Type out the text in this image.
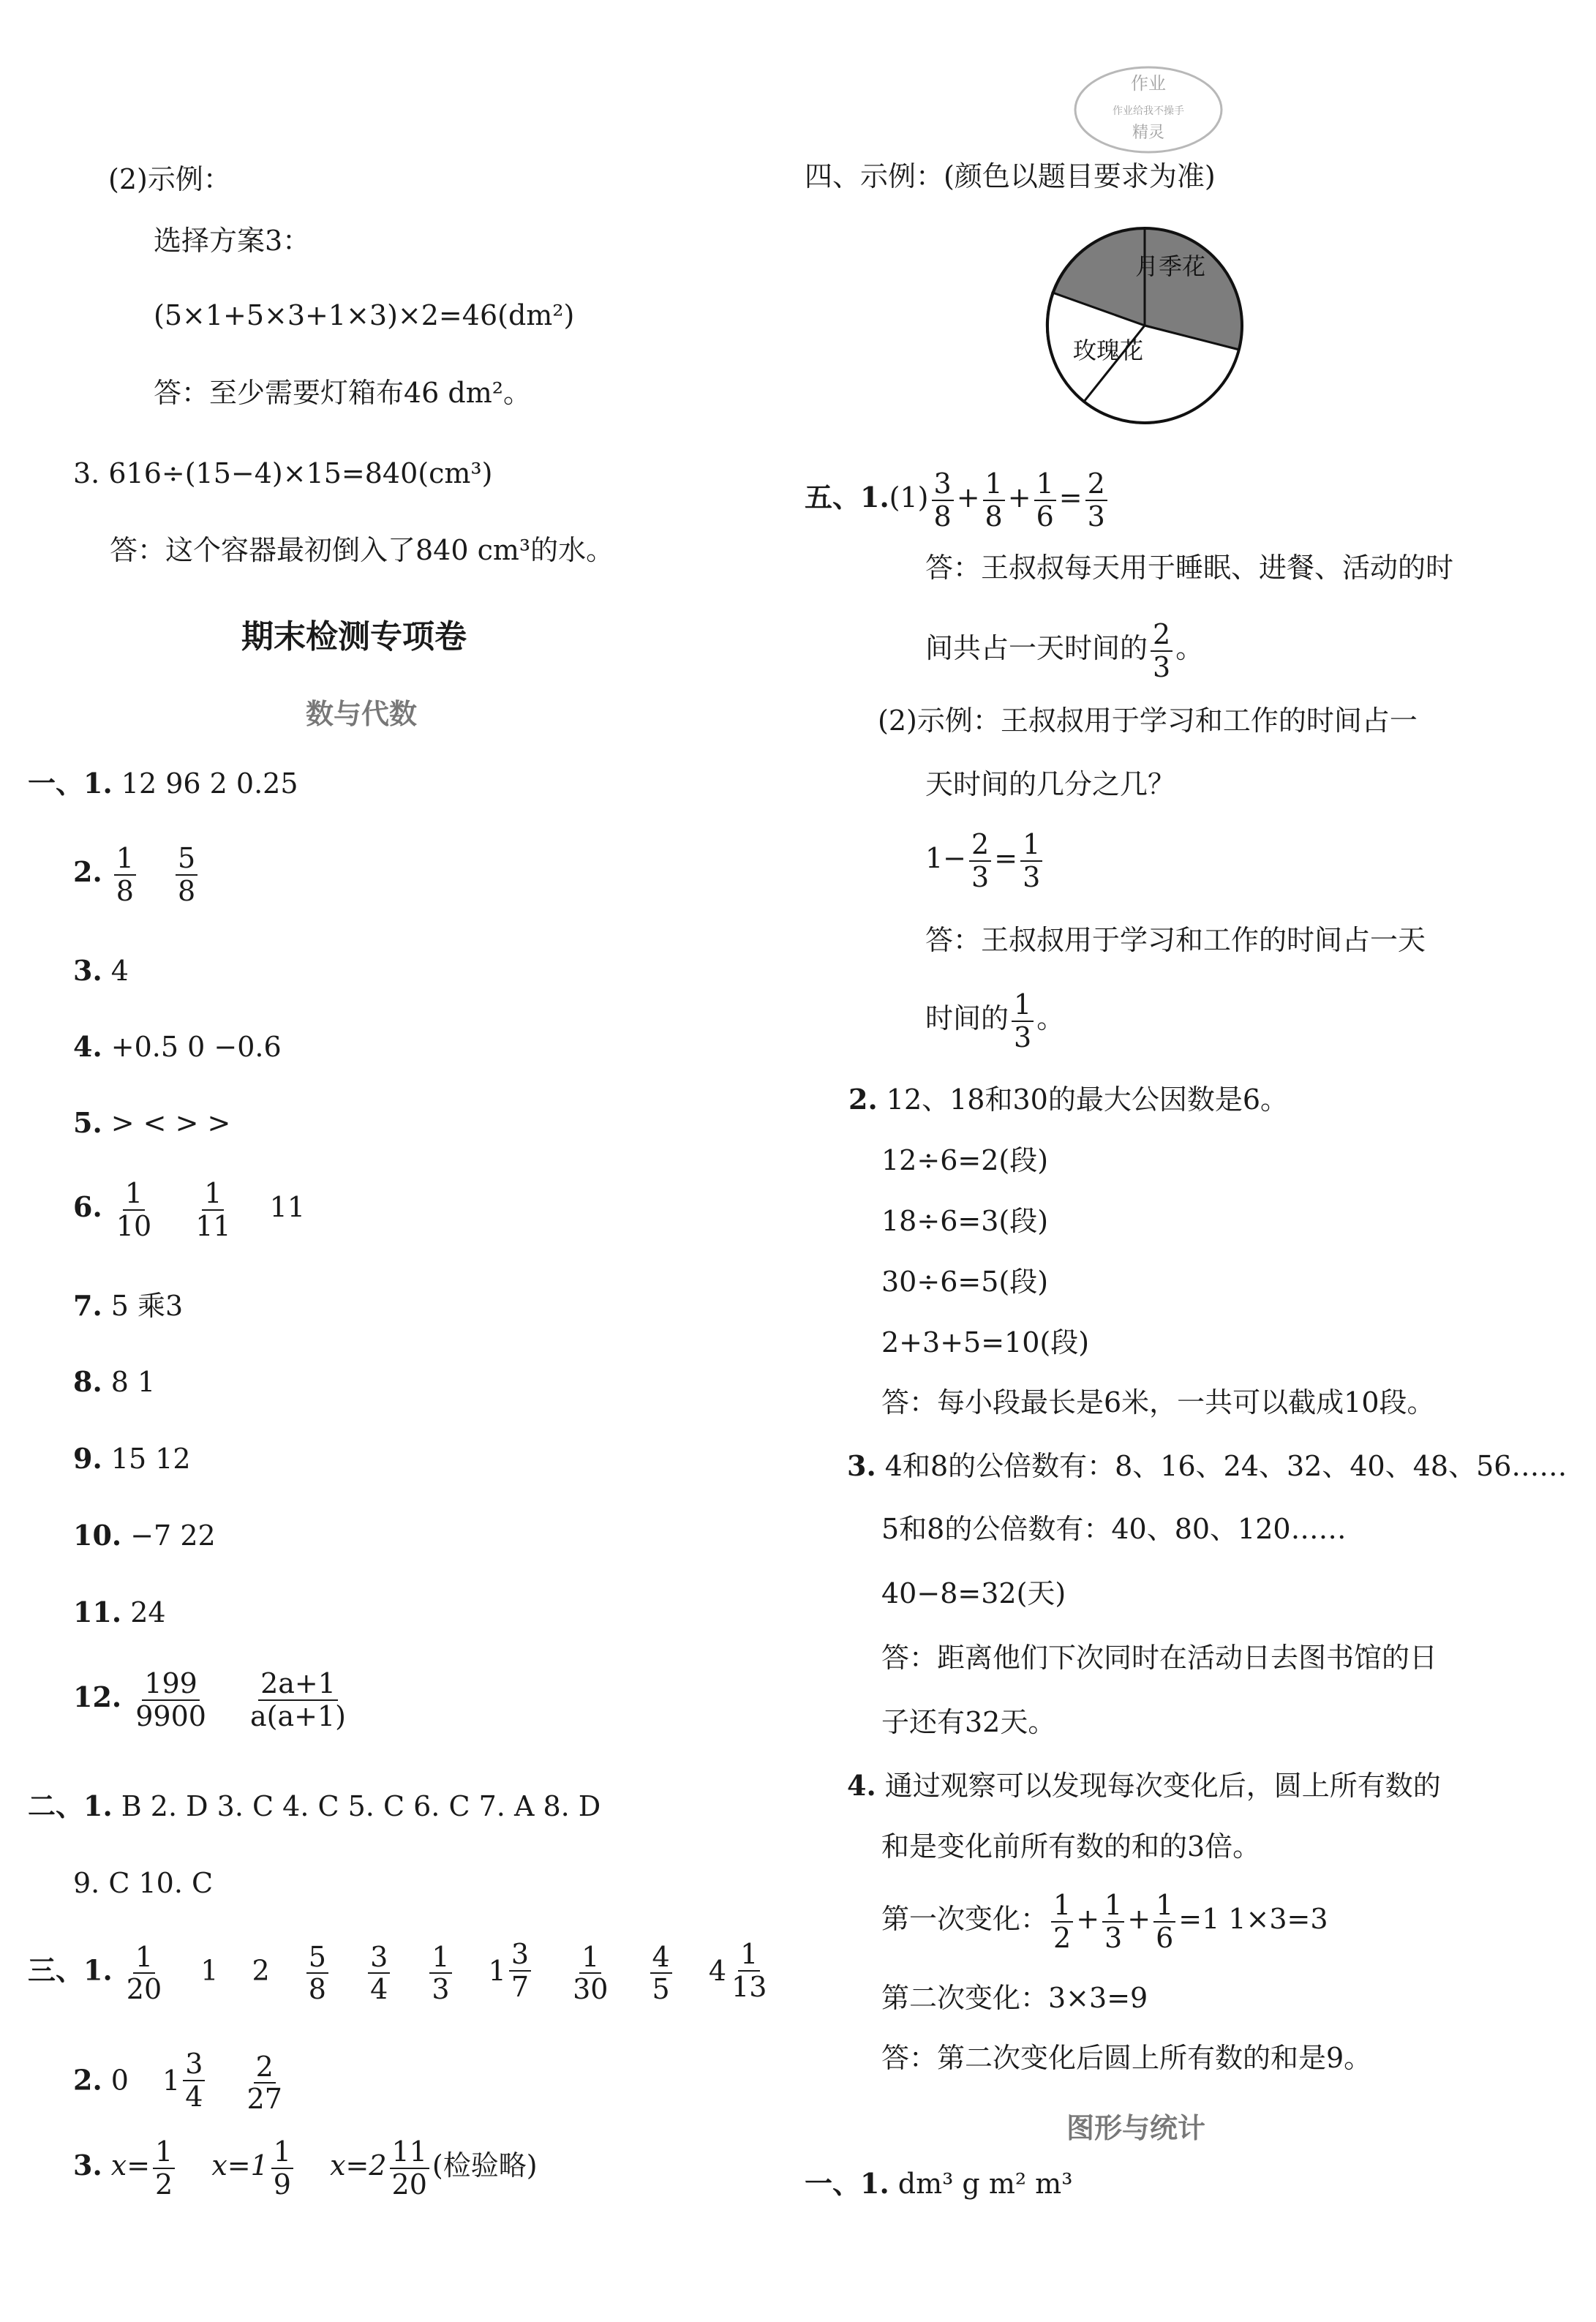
(2)示例：
选择方案3：
(5×1+5×3+1×3)×2=46(dm²)
答：至少需要灯箱布46 dm²。
3. 616÷(15−4)×15=840(cm³)
答：这个容器最初倒入了840 cm³的水。
期末检测专项卷
数与代数
一、1. 12 96 2 0.25
2. $\frac{1}{8}$
$\frac{5}{8}$
3. 4
4. +0.5 0 −0.6
5. > < > >
6. $\frac{1}{10}$
$\frac{1}{11} 11$
7. 5 乘3
8. 8 1
9. 15 12
10. −7 22
11. 24
12. $\frac{199}{9900}$
$\frac{2a+1}{a(a+1)}$
二、1. B 2. D 3. C 4. C 5. C 6. C 7. A 8. D
9. C 10. C
三、1. $\frac{1}{20} 1$ $2 \frac{5}{8}$
$\frac{3}{4}$
$\frac{1}{3}$
$1 \frac{3}{7}$
$\frac{1}{30}$
$\frac{4}{5}$
$4 \frac{1}{13}$
2. 0 $1 \frac{3}{4}$
$\frac{2}{27}$
3. $x= \frac{1}{2} x=1 \frac{1}{9} x=2 \frac{11}{20}$ (检验略)
作业
作业给我不操手
精灵
四、示例：(颜色以题目要求为准)
月季花
玫瑰花
五、$1.(1) \frac{3}{8} + \frac{1}{8} + \frac{1}{6} = \frac{2}{3}$
答：王叔叔每天用于睡眠、进餐、活动的时
间共占一天时间的 $\frac{2}{3}$ 。
(2)示例：王叔叔用于学习和工作的时间占一
天时间的几分之几？
$1- \frac{2}{3} = \frac{1}{3}$
答：王叔叔用于学习和工作的时间占一天
时间的 $\frac{1}{3}$ 。
2. 12、18和30的最大公因数是6。
12÷6=2(段)
18÷6=3(段)
30÷6=5(段)
2+3+5=10(段)
答：每小段最长是6米，一共可以截成10段。
3. 4和8的公倍数有：8、16、24、32、40、48、56……
5和8的公倍数有：40、80、120……
40−8=32(天)
答：距离他们下次同时在活动日去图书馆的日
子还有32天。
4. 通过观察可以发现每次变化后，圆上所有数的
和是变化前所有数的和的3倍。
第一次变化： $\frac{1}{2} + \frac{1}{3} + \frac{1}{6} =1$ 1×3=3
第二次变化：3×3=9
答：第二次变化后圆上所有数的和是9。
图形与统计
一、1. dm³ g m² m³
